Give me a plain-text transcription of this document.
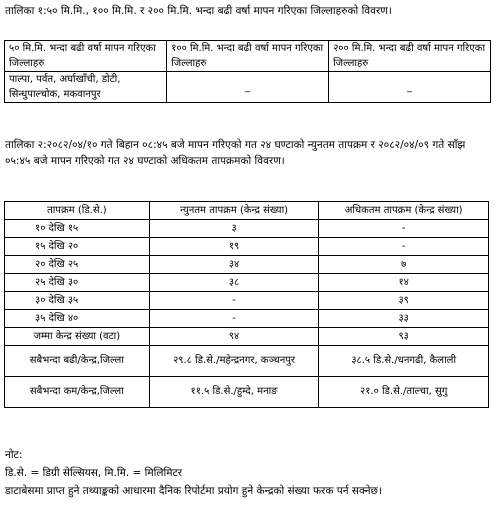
तालिका १:५० मि.मि., १०० मि.मि. र २०० मि.मि. भन्दा बढी वर्षा मापन गरिएका जिल्लाहरुको विवरण।
५० मि.मि. भन्दा बढी वर्षा मापन गरिएका जिल्लाहरु	१०० मि.मि. भन्दा बढी वर्षा मापन गरिएका जिल्लाहरु	२०० मि.मि. भन्दा बढी वर्षा मापन गरिएका जिल्लाहरु
पाल्पा, पर्वत, अर्घाखाँची, डोटी, सिन्धुपाल्चोक, मकवानपुर	_	_
तालिका २:२०८२/०४/१० गते बिहान ०८:४५ बजे मापन गरिएको गत २४ घण्टाको न्युनतम तापक्रम र २०८२/०४/०९ गते साँझ ०५:४५ बजे मापन गरिएको गत २४ घण्टाको अधिकतम तापक्रमको विवरण।
तापक्रम (डि.से.)	न्युनतम तापक्रम (केन्द्र संख्या)	अधिकतम तापक्रम (केन्द्र संख्या)
१० देखि १५	३	-
१५ देखि २०	१९	-
२० देखि २५	३४	७
२५ देखि ३०	३८	१४
३० देखि ३५	-	३९
३५ देखि ४०	-	३३
जम्मा केन्द्र संख्या (वटा)	९४	९३
सबैभन्दा बढी/केन्द्र,जिल्ला	२९.८ डि.से./महेन्द्रनगर, कञ्चनपुर	३८.५ डि.से./धनगढी, कैलाली
सबैभन्दा कम/केन्द्र,जिल्ला	११.५ डि.से./हुम्दे, मनाङ	२१.० डि.से./ताल्चा, सुगु
नोट:
डि.से. = डिग्री सेल्सियस, मि.मि. = मिलिमिटर
डाटाबेसमा प्राप्त हुने तथ्याङ्कको आधारमा दैनिक रिपोर्टमा प्रयोग हुने केन्द्रको संख्या फरक पर्न सक्नेछ।
